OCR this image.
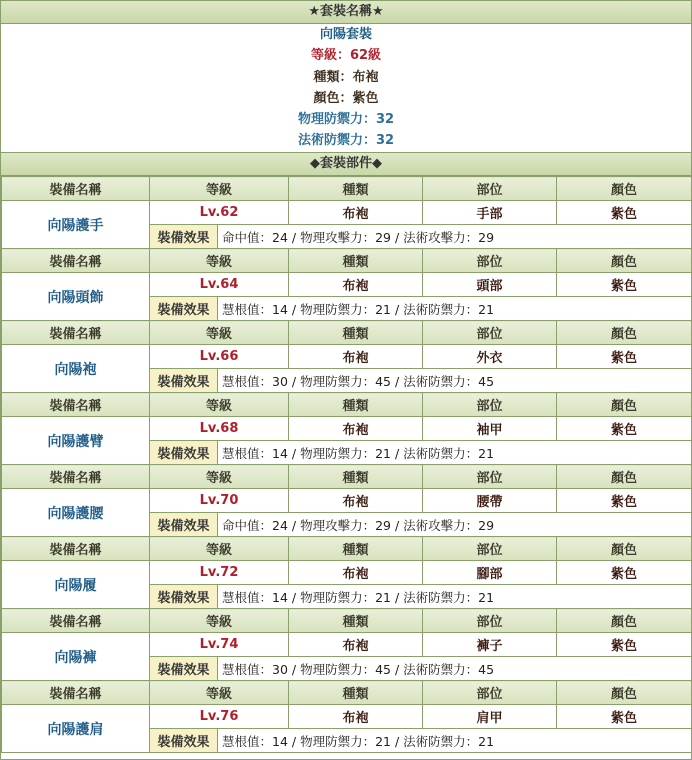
★套裝名稱★
向陽套裝
等級：62級
種類：布袍
顏色：紫色
物理防禦力：32
法術防禦力：32
◆套裝部件◆
裝備名稱	等級		種類	部位	顏色
向陽護手	Lv.62		布袍	手部	紫色
	裝備效果	命中值：24 / 物理攻擊力：29 / 法術攻擊力：29			
裝備名稱	等級		種類	部位	顏色
向陽頭飾	Lv.64		布袍	頭部	紫色
	裝備效果	慧根值：14 / 物理防禦力：21 / 法術防禦力：21			
裝備名稱	等級		種類	部位	顏色
向陽袍	Lv.66		布袍	外衣	紫色
	裝備效果	慧根值：30 / 物理防禦力：45 / 法術防禦力：45			
裝備名稱	等級		種類	部位	顏色
向陽護臂	Lv.68		布袍	袖甲	紫色
	裝備效果	慧根值：14 / 物理防禦力：21 / 法術防禦力：21			
裝備名稱	等級		種類	部位	顏色
向陽護腰	Lv.70		布袍	腰帶	紫色
	裝備效果	命中值：24 / 物理攻擊力：29 / 法術攻擊力：29			
裝備名稱	等級		種類	部位	顏色
向陽履	Lv.72		布袍	腳部	紫色
	裝備效果	慧根值：14 / 物理防禦力：21 / 法術防禦力：21			
裝備名稱	等級		種類	部位	顏色
向陽褲	Lv.74		布袍	褲子	紫色
	裝備效果	慧根值：30 / 物理防禦力：45 / 法術防禦力：45			
裝備名稱	等級		種類	部位	顏色
向陽護肩	Lv.76		布袍	肩甲	紫色
	裝備效果	慧根值：14 / 物理防禦力：21 / 法術防禦力：21			
